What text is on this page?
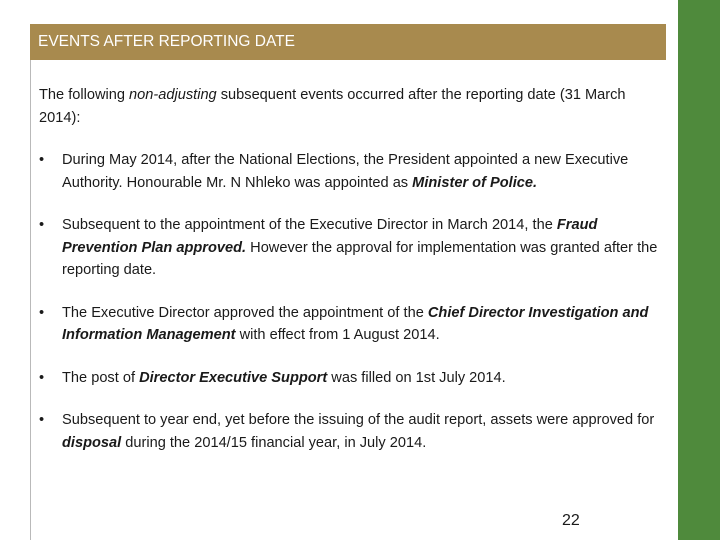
EVENTS AFTER REPORTING DATE

The following non-adjusting subsequent events occurred after the reporting date (31 March 2014):

• During May 2014, after the National Elections, the President appointed a new Executive Authority. Honourable Mr. N Nhleko was appointed as Minister of Police.
• Subsequent to the appointment of the Executive Director in March 2014, the Fraud Prevention Plan approved. However the approval for implementation was granted after the reporting date.
• The Executive Director approved the appointment of the Chief Director Investigation and Information Management with effect from 1 August 2014.
• The post of Director Executive Support was filled on 1st July 2014.
• Subsequent to year end, yet before the issuing of the audit report, assets were approved for disposal during the 2014/15 financial year, in July 2014.
22
